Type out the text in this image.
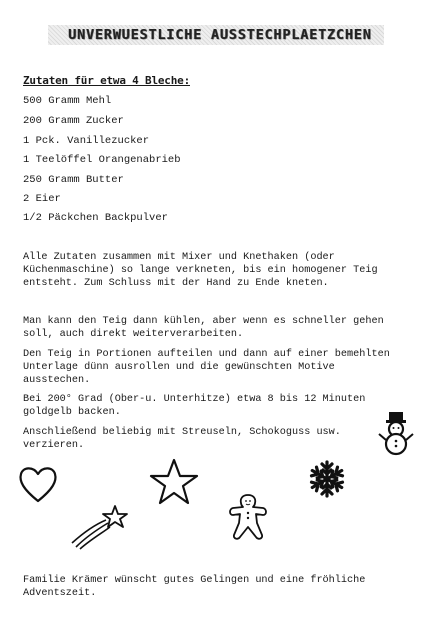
UNVERWUESTLICHE AUSSTECHPLAETZCHEN
Zutaten für etwa 4 Bleche:
500 Gramm Mehl
200 Gramm Zucker
1 Pck. Vanillezucker
1 Teelöffel Orangenabrieb
250 Gramm Butter
2 Eier
1/2 Päckchen Backpulver
Alle Zutaten zusammen mit Mixer und Knethaken (oder
Küchenmaschine) so lange verkneten, bis ein homogener Teig
entsteht. Zum Schluss mit der Hand zu Ende kneten.
Man kann den Teig dann kühlen, aber wenn es schneller gehen
soll, auch direkt weiterverarbeiten.
Den Teig in Portionen aufteilen und dann auf einer bemehlten
Unterlage dünn ausrollen und die gewünschten Motive
ausstechen.
Bei 200° Grad (Ober-u. Unterhitze) etwa 8 bis 12 Minuten
goldgelb backen.
Anschließend beliebig mit Streuseln, Schokoguss usw.
verzieren.
Familie Krämer wünscht gutes Gelingen und eine fröhliche
Adventszeit.
